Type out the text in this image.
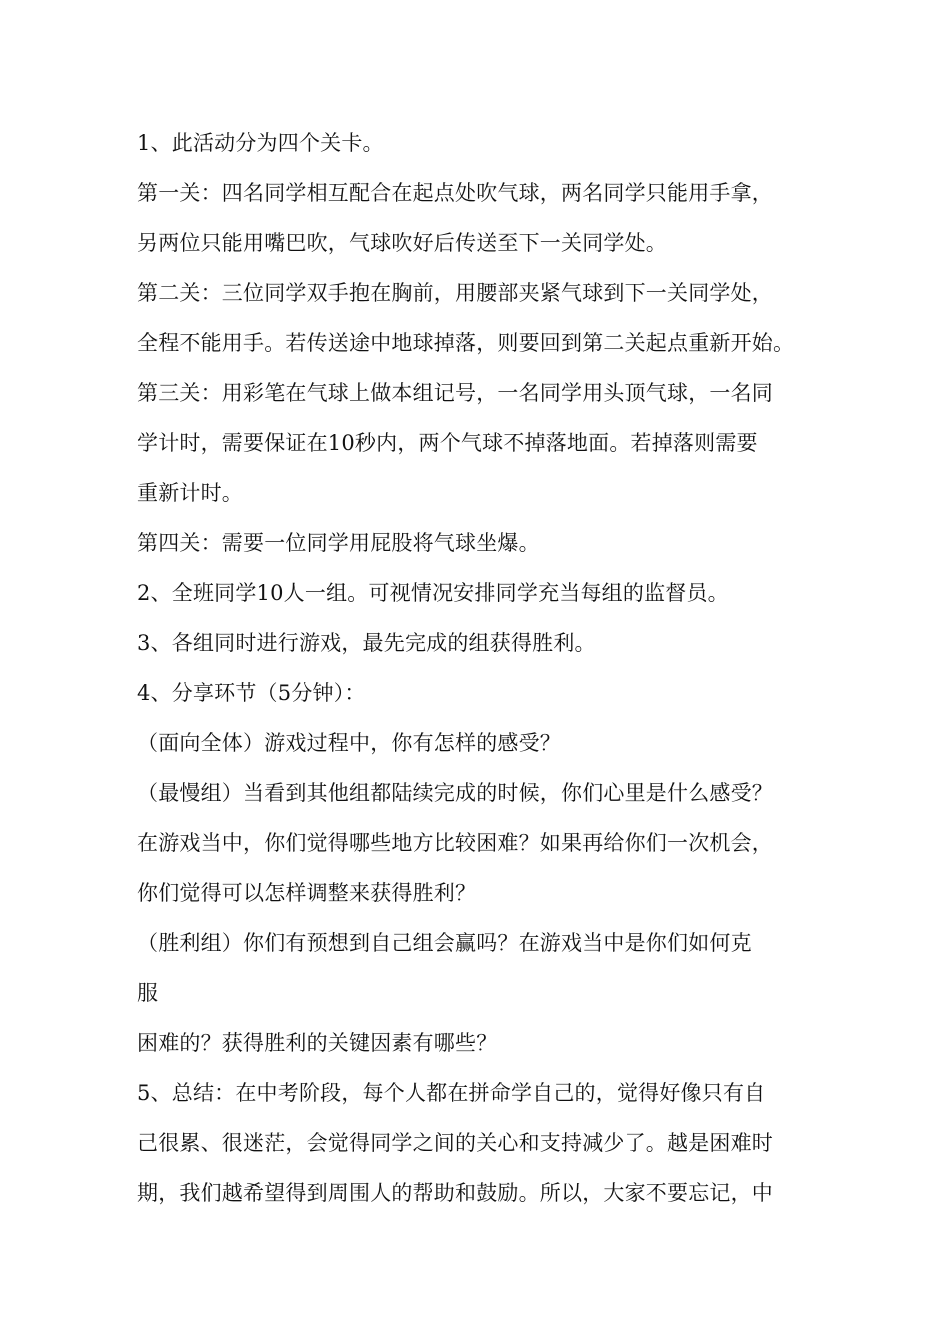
1、此活动分为四个关卡。
第一关：四名同学相互配合在起点处吹气球，两名同学只能用手拿，
另两位只能用嘴巴吹，气球吹好后传送至下一关同学处。
第二关：三位同学双手抱在胸前，用腰部夹紧气球到下一关同学处，
全程不能用手。若传送途中地球掉落，则要回到第二关起点重新开始。
第三关：用彩笔在气球上做本组记号，一名同学用头顶气球，一名同
学计时，需要保证在10秒内，两个气球不掉落地面。若掉落则需要
重新计时。
第四关：需要一位同学用屁股将气球坐爆。
2、全班同学10人一组。可视情况安排同学充当每组的监督员。
3、各组同时进行游戏，最先完成的组获得胜利。
4、分享环节（5分钟）：
（面向全体）游戏过程中，你有怎样的感受？
（最慢组）当看到其他组都陆续完成的时候，你们心里是什么感受？
在游戏当中，你们觉得哪些地方比较困难？如果再给你们一次机会，
你们觉得可以怎样调整来获得胜利？
（胜利组）你们有预想到自己组会赢吗？在游戏当中是你们如何克
服
困难的？获得胜利的关键因素有哪些？
5、总结：在中考阶段，每个人都在拼命学自己的，觉得好像只有自
己很累、很迷茫，会觉得同学之间的关心和支持减少了。越是困难时
期，我们越希望得到周围人的帮助和鼓励。所以，大家不要忘记，中
